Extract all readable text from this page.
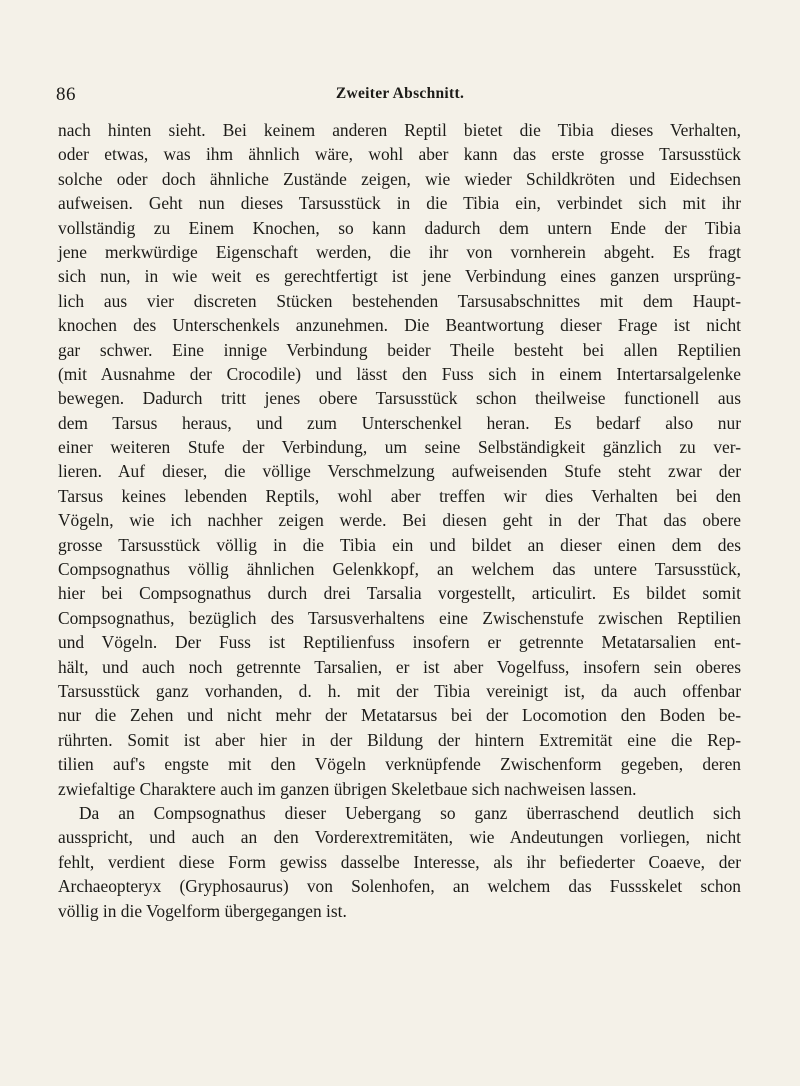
86	Zweiter Abschnitt.
nach hinten sieht. Bei keinem anderen Reptil bietet die Tibia dieses Verhalten,
oder etwas, was ihm ähnlich wäre, wohl aber kann das erste grosse Tarsusstück
solche oder doch ähnliche Zustände zeigen, wie wieder Schildkröten und Eidechsen
aufweisen. Geht nun dieses Tarsusstück in die Tibia ein, verbindet sich mit ihr
vollständig zu Einem Knochen, so kann dadurch dem untern Ende der Tibia
jene merkwürdige Eigenschaft werden, die ihr von vornherein abgeht. Es fragt
sich nun, in wie weit es gerechtfertigt ist jene Verbindung eines ganzen ursprüng-
lich aus vier discreten Stücken bestehenden Tarsusabschnittes mit dem Haupt-
knochen des Unterschenkels anzunehmen. Die Beantwortung dieser Frage ist nicht
gar schwer. Eine innige Verbindung beider Theile besteht bei allen Reptilien
(mit Ausnahme der Crocodile) und lässt den Fuss sich in einem Intertarsalgelenke
bewegen. Dadurch tritt jenes obere Tarsusstück schon theilweise functionell aus
dem Tarsus heraus, und zum Unterschenkel heran. Es bedarf also nur
einer weiteren Stufe der Verbindung, um seine Selbständigkeit gänzlich zu ver-
lieren. Auf dieser, die völlige Verschmelzung aufweisenden Stufe steht zwar der
Tarsus keines lebenden Reptils, wohl aber treffen wir dies Verhalten bei den
Vögeln, wie ich nachher zeigen werde. Bei diesen geht in der That das obere
grosse Tarsusstück völlig in die Tibia ein und bildet an dieser einen dem des
Compsognathus völlig ähnlichen Gelenkkopf, an welchem das untere Tarsusstück,
hier bei Compsognathus durch drei Tarsalia vorgestellt, articulirt. Es bildet somit
Compsognathus, bezüglich des Tarsusverhaltens eine Zwischenstufe zwischen Reptilien
und Vögeln. Der Fuss ist Reptilienfuss insofern er getrennte Metatarsalien ent-
hält, und auch noch getrennte Tarsalien, er ist aber Vogelfuss, insofern sein oberes
Tarsusstück ganz vorhanden, d. h. mit der Tibia vereinigt ist, da auch offenbar
nur die Zehen und nicht mehr der Metatarsus bei der Locomotion den Boden be-
rührten. Somit ist aber hier in der Bildung der hintern Extremität eine die Rep-
tilien auf's engste mit den Vögeln verknüpfende Zwischenform gegeben, deren
zwiefaltige Charaktere auch im ganzen übrigen Skeletbaue sich nachweisen lassen.
Da an Compsognathus dieser Uebergang so ganz überraschend deutlich sich
ausspricht, und auch an den Vorderextremitäten, wie Andeutungen vorliegen, nicht
fehlt, verdient diese Form gewiss dasselbe Interesse, als ihr befiederter Coaeve, der
Archaeopteryx (Gryphosaurus) von Solenhofen, an welchem das Fussskelet schon
völlig in die Vogelform übergegangen ist.
